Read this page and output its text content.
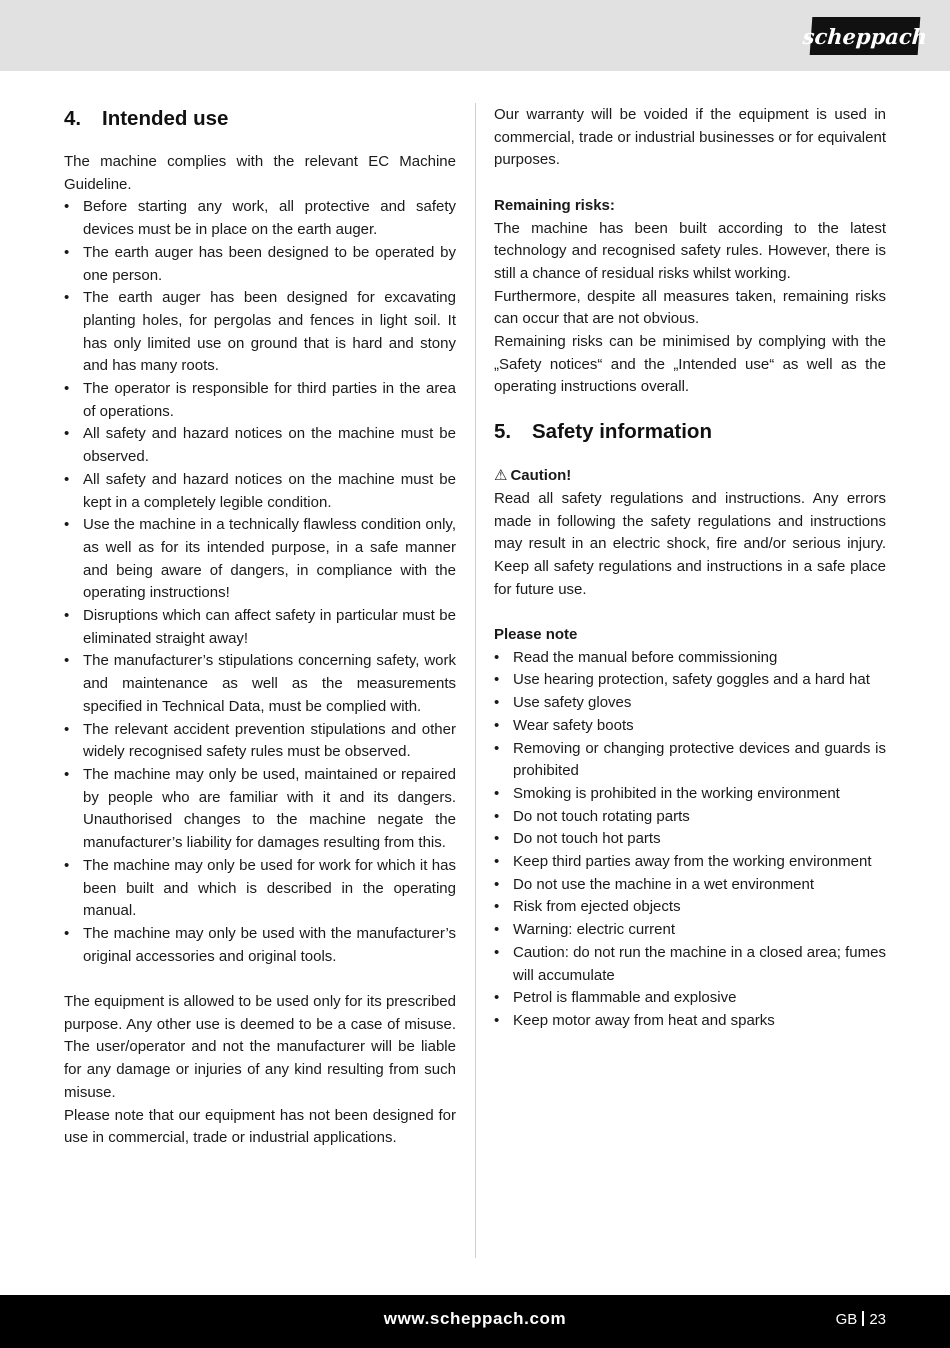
scheppach
4.	Intended use

The machine complies with the relevant EC Machine Guideline.

• Before starting any work, all protective and safety devices must be in place on the earth auger.
• The earth auger has been designed to be operated by one person.
• The earth auger has been designed for excavating planting holes, for pergolas and fences in light soil. It has only limited use on ground that is hard and stony and has many roots.
• The operator is responsible for third parties in the area of operations.
• All safety and hazard notices on the machine must be observed.
• All safety and hazard notices on the machine must be kept in a completely legible condition.
• Use the machine in a technically flawless condition only, as well as for its intended purpose, in a safe manner and being aware of dangers, in compliance with the operating instructions!
• Disruptions which can affect safety in particular must be eliminated straight away!
• The manufacturer’s stipulations concerning safety, work and maintenance as well as the measurements specified in Technical Data, must be complied with.
• The relevant accident prevention stipulations and other widely recognised safety rules must be observed.
• The machine may only be used, maintained or repaired by people who are familiar with it and its dangers. Unauthorised changes to the machine negate the manufacturer’s liability for damages resulting from this.
• The machine may only be used for work for which it has been built and which is described in the operating manual.
• The machine may only be used with the manufacturer’s original accessories and original tools.

The equipment is allowed to be used only for its prescribed purpose. Any other use is deemed to be a case of misuse. The user/operator and not the manufacturer will be liable for any damage or injuries of any kind resulting from such misuse.

Please note that our equipment has not been designed for use in commercial, trade or industrial applications.

Our warranty will be voided if the equipment is used in commercial, trade or industrial businesses or for equivalent purposes.

Remaining risks:

The machine has been built according to the latest technology and recognised safety rules. However, there is still a chance of residual risks whilst working.

Furthermore, despite all measures taken, remaining risks can occur that are not obvious.

Remaining risks can be minimised by complying with the „Safety notices“ and the „Intended use“ as well as the operating instructions overall.

5.	Safety information

⚠ Caution!

Read all safety regulations and instructions. Any errors made in following the safety regulations and instructions may result in an electric shock, fire and/or serious injury. Keep all safety regulations and instructions in a safe place for future use.

Please note

• Read the manual before commissioning
• Use hearing protection, safety goggles and a hard hat
• Use safety gloves
• Wear safety boots
• Removing or changing protective devices and guards is prohibited
• Smoking is prohibited in the working environment
• Do not touch rotating parts
• Do not touch hot parts
• Keep third parties away from the working environment
• Do not use the machine in a wet environment
• Risk from ejected objects
• Warning: electric current
• Caution: do not run the machine in a closed area; fumes will accumulate
• Petrol is flammable and explosive
• Keep motor away from heat and sparks
www.scheppach.com	GB 23
